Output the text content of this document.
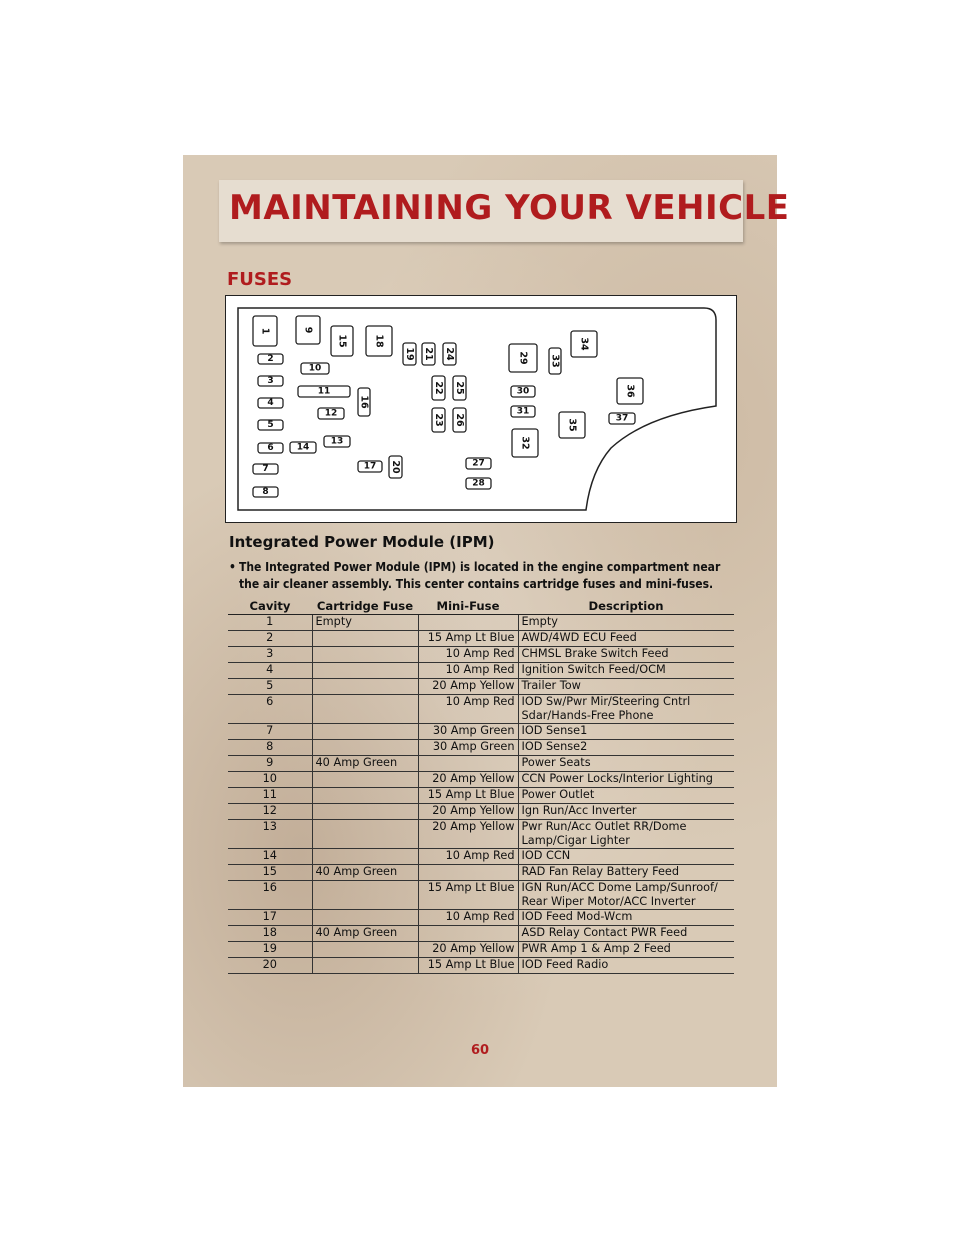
MAINTAINING YOUR VEHICLE
FUSES
1
2
3
4
5
6
7
8
9
10
11
12
13
14
15
16
17
18
19
20
21
22
23
24
25
26
27
28
29
30
31
32
33
34
35
36
37
Integrated Power Module (IPM)
• The Integrated Power Module (IPM) is located in the engine compartment near the air cleaner assembly. This center contains cartridge fuses and mini-fuses.
Cavity	Cartridge Fuse	Mini-Fuse	Description
1	Empty		Empty
2		15 Amp Lt Blue	AWD/4WD ECU Feed
3		10 Amp Red	CHMSL Brake Switch Feed
4		10 Amp Red	Ignition Switch Feed/OCM
5		20 Amp Yellow	Trailer Tow
6		10 Amp Red	IOD Sw/Pwr Mir/Steering Cntrl Sdar/Hands-Free Phone
7		30 Amp Green	IOD Sense1
8		30 Amp Green	IOD Sense2
9	40 Amp Green		Power Seats
10		20 Amp Yellow	CCN Power Locks/Interior Lighting
11		15 Amp Lt Blue	Power Outlet
12		20 Amp Yellow	Ign Run/Acc Inverter
13		20 Amp Yellow	Pwr Run/Acc Outlet RR/Dome Lamp/Cigar Lighter
14		10 Amp Red	IOD CCN
15	40 Amp Green		RAD Fan Relay Battery Feed
16		15 Amp Lt Blue	IGN Run/ACC Dome Lamp/Sunroof/ Rear Wiper Motor/ACC Inverter
17		10 Amp Red	IOD Feed Mod-Wcm
18	40 Amp Green		ASD Relay Contact PWR Feed
19		20 Amp Yellow	PWR Amp 1 & Amp 2 Feed
20		15 Amp Lt Blue	IOD Feed Radio
60
